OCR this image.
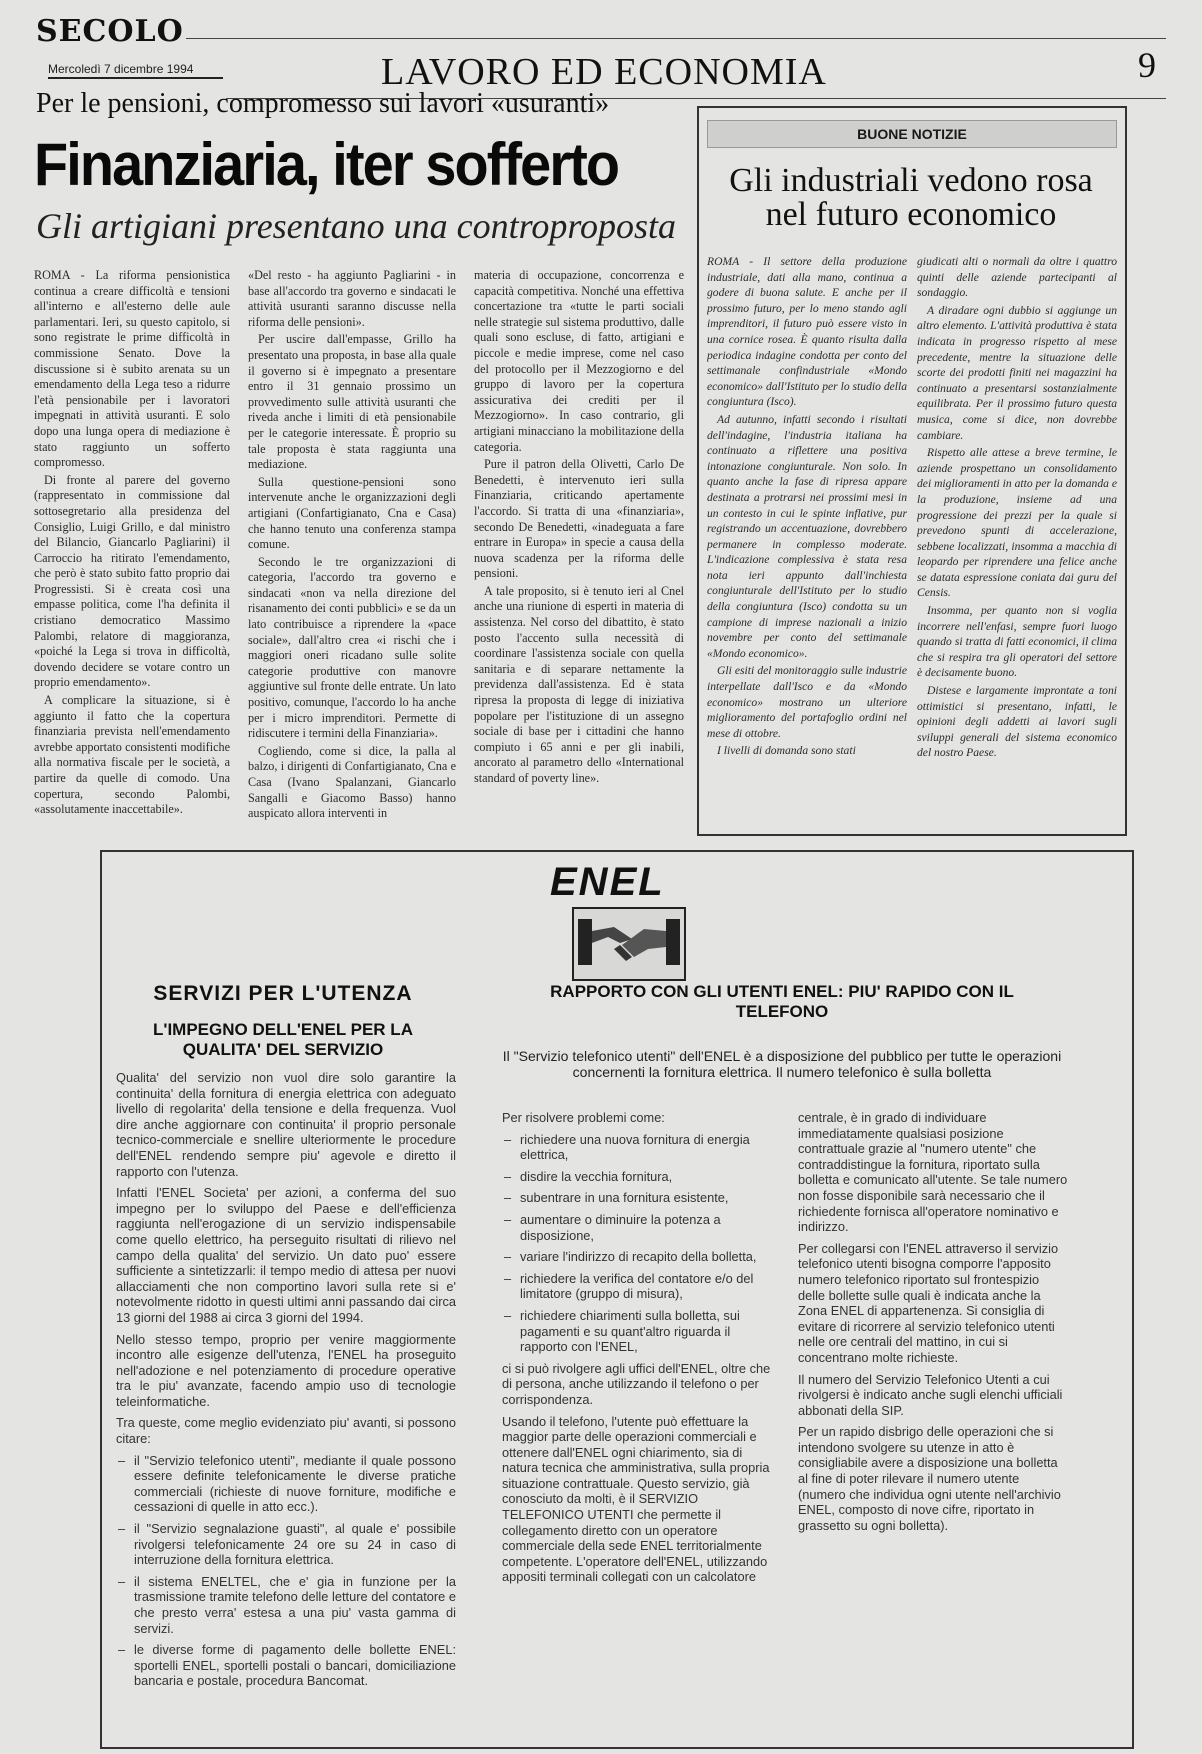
SECOLO
Mercoledì 7 dicembre 1994	LAVORO ED ECONOMIA	9
Per le pensioni, compromesso sui lavori «usuranti»
Finanziaria, iter sofferto
Gli artigiani presentano una controproposta

ROMA - La riforma pensionistica continua a creare difficoltà e tensioni all'interno e all'esterno delle aule parlamentari. Ieri, su questo capitolo, si sono registrate le prime difficoltà in commissione Senato. Dove la discussione si è subito arenata su un emendamento della Lega teso a ridurre l'età pensionabile per i lavoratori impegnati in attività usuranti. E solo dopo una lunga opera di mediazione è stato raggiunto un sofferto compromesso.

Di fronte al parere del governo (rappresentato in commissione dal sottosegretario alla presidenza del Consiglio, Luigi Grillo, e dal ministro del Bilancio, Giancarlo Pagliarini) il Carroccio ha ritirato l'emendamento, che però è stato subito fatto proprio dai Progressisti. Si è creata così una empasse politica, come l'ha definita il cristiano democratico Massimo Palombi, relatore di maggioranza, «poiché la Lega si trova in difficoltà, dovendo decidere se votare contro un proprio emendamento».

A complicare la situazione, si è aggiunto il fatto che la copertura finanziaria prevista nell'emendamento avrebbe apportato consistenti modifiche alla normativa fiscale per le società, a partire da quelle di comodo. Una copertura, secondo Palombi, «assolutamente inaccettabile».

«Del resto - ha aggiunto Pagliarini - in base all'accordo tra governo e sindacati le attività usuranti saranno discusse nella riforma delle pensioni».

Per uscire dall'empasse, Grillo ha presentato una proposta, in base alla quale il governo si è impegnato a presentare entro il 31 gennaio prossimo un provvedimento sulle attività usuranti che riveda anche i limiti di età pensionabile per le categorie interessate. È proprio su tale proposta è stata raggiunta una mediazione.

Sulla questione-pensioni sono intervenute anche le organizzazioni degli artigiani (Confartigianato, Cna e Casa) che hanno tenuto una conferenza stampa comune.

Secondo le tre organizzazioni di categoria, l'accordo tra governo e sindacati «non va nella direzione del risanamento dei conti pubblici» e se da un lato contribuisce a riprendere la «pace sociale», dall'altro crea «i rischi che i maggiori oneri ricadano sulle solite categorie produttive con manovre aggiuntive sul fronte delle entrate. Un lato positivo, comunque, l'accordo lo ha anche per i micro imprenditori. Permette di ridiscutere i termini della Finanziaria».

Cogliendo, come si dice, la palla al balzo, i dirigenti di Confartigianato, Cna e Casa (Ivano Spalanzani, Giancarlo Sangalli e Giacomo Basso) hanno auspicato allora interventi in

materia di occupazione, concorrenza e capacità competitiva. Nonché una effettiva concertazione tra «tutte le parti sociali nelle strategie sul sistema produttivo, dalle quali sono escluse, di fatto, artigiani e piccole e medie imprese, come nel caso del protocollo per il Mezzogiorno e del gruppo di lavoro per la copertura assicurativa dei crediti per il Mezzogiorno». In caso contrario, gli artigiani minacciano la mobilitazione della categoria.

Pure il patron della Olivetti, Carlo De Benedetti, è intervenuto ieri sulla Finanziaria, criticando apertamente l'accordo. Si tratta di una «finanziaria», secondo De Benedetti, «inadeguata a fare entrare in Europa» in specie a causa della nuova scadenza per la riforma delle pensioni.

A tale proposito, si è tenuto ieri al Cnel anche una riunione di esperti in materia di assistenza. Nel corso del dibattito, è stato posto l'accento sulla necessità di coordinare l'assistenza sociale con quella sanitaria e di separare nettamente la previdenza dall'assistenza. Ed è stata ripresa la proposta di legge di iniziativa popolare per l'istituzione di un assegno sociale di base per i cittadini che hanno compiuto i 65 anni e per gli inabili, ancorato al parametro dello «International standard of poverty line».

BUONE NOTIZIE
Gli industriali vedono rosa nel futuro economico

ROMA - Il settore della produzione industriale, dati alla mano, continua a godere di buona salute. E anche per il prossimo futuro, per lo meno stando agli imprenditori, il futuro può essere visto in una cornice rosea. È quanto risulta dalla periodica indagine condotta per conto del settimanale confindustriale «Mondo economico» dall'Istituto per lo studio della congiuntura (Isco).

Ad autunno, infatti secondo i risultati dell'indagine, l'industria italiana ha continuato a riflettere una positiva intonazione congiunturale. Non solo. In quanto anche la fase di ripresa appare destinata a protrarsi nei prossimi mesi in un contesto in cui le spinte inflative, pur registrando un accentuazione, dovrebbero permanere in complesso moderate. L'indicazione complessiva è stata resa nota ieri appunto dall'inchiesta congiunturale dell'Istituto per lo studio della congiuntura (Isco) condotta su un campione di imprese nazionali a inizio novembre per conto del settimanale «Mondo economico».

Gli esiti del monitoraggio sulle industrie interpellate dall'Isco e da «Mondo economico» mostrano un ulteriore miglioramento del portafoglio ordini nel mese di ottobre.

I livelli di domanda sono stati

giudicati alti o normali da oltre i quattro quinti delle aziende partecipanti al sondaggio.

A diradare ogni dubbio si aggiunge un altro elemento. L'attività produttiva è stata indicata in progresso rispetto al mese precedente, mentre la situazione delle scorte dei prodotti finiti nei magazzini ha continuato a presentarsi sostanzialmente equilibrata. Per il prossimo futuro questa musica, come si dice, non dovrebbe cambiare.

Rispetto alle attese a breve termine, le aziende prospettano un consolidamento dei miglioramenti in atto per la domanda e la produzione, insieme ad una progressione dei prezzi per la quale si prevedono spunti di accelerazione, sebbene localizzati, insomma a macchia di leopardo per riprendere una felice anche se datata espressione coniata dai guru del Censis.

Insomma, per quanto non si voglia incorrere nell'enfasi, sempre fuori luogo quando si tratta di fatti economici, il clima che si respira tra gli operatori del settore è decisamente buono.

Distese e largamente improntate a toni ottimistici si presentano, infatti, le opinioni degli addetti ai lavori sugli sviluppi generali del sistema economico del nostro Paese.

ENEL
SERVIZI PER L'UTENZA
L'IMPEGNO DELL'ENEL PER LA QUALITA' DEL SERVIZIO

Qualita' del servizio non vuol dire solo garantire la continuita' della fornitura di energia elettrica con adeguato livello di regolarita' della tensione e della frequenza. Vuol dire anche aggiornare con continuita' il proprio personale tecnico-commerciale e snellire ulteriormente le procedure dell'ENEL rendendo sempre piu' agevole e diretto il rapporto con l'utenza.

Infatti l'ENEL Societa' per azioni, a conferma del suo impegno per lo sviluppo del Paese e dell'efficienza raggiunta nell'erogazione di un servizio indispensabile come quello elettrico, ha perseguito risultati di rilievo nel campo della qualita' del servizio. Un dato puo' essere sufficiente a sintetizzarli: il tempo medio di attesa per nuovi allacciamenti che non comportino lavori sulla rete si e' notevolmente ridotto in questi ultimi anni passando dai circa 13 giorni del 1988 ai circa 3 giorni del 1994.

Nello stesso tempo, proprio per venire maggiormente incontro alle esigenze dell'utenza, l'ENEL ha proseguito nell'adozione e nel potenziamento di procedure operative tra le piu' avanzate, facendo ampio uso di tecnologie teleinformatiche.

Tra queste, come meglio evidenziato piu' avanti, si possono citare:

– il "Servizio telefonico utenti", mediante il quale possono essere definite telefonicamente le diverse pratiche commerciali (richieste di nuove forniture, modifiche e cessazioni di quelle in atto ecc.).
– il "Servizio segnalazione guasti", al quale e' possibile rivolgersi telefonicamente 24 ore su 24 in caso di interruzione della fornitura elettrica.
– il sistema ENELTEL, che e' gia in funzione per la trasmissione tramite telefono delle letture del contatore e che presto verra' estesa a una piu' vasta gamma di servizi.
– le diverse forme di pagamento delle bollette ENEL: sportelli ENEL, sportelli postali o bancari, domiciliazione bancaria e postale, procedura Bancomat.
RAPPORTO CON GLI UTENTI ENEL: PIU' RAPIDO CON IL TELEFONO
Il "Servizio telefonico utenti" dell'ENEL è a disposizione del pubblico per tutte le operazioni concernenti la fornitura elettrica. Il numero telefonico è sulla bolletta

Per risolvere problemi come:

– richiedere una nuova fornitura di energia elettrica,
– disdire la vecchia fornitura,
– subentrare in una fornitura esistente,
– aumentare o diminuire la potenza a disposizione,
– variare l'indirizzo di recapito della bolletta,
– richiedere la verifica del contatore e/o del limitatore (gruppo di misura),
– richiedere chiarimenti sulla bolletta, sui pagamenti e su quant'altro riguarda il rapporto con l'ENEL,

ci si può rivolgere agli uffici dell'ENEL, oltre che di persona, anche utilizzando il telefono o per corrispondenza.

Usando il telefono, l'utente può effettuare la maggior parte delle operazioni commerciali e ottenere dall'ENEL ogni chiarimento, sia di natura tecnica che amministrativa, sulla propria situazione contrattuale. Questo servizio, già conosciuto da molti, è il SERVIZIO TELEFONICO UTENTI che permette il collegamento diretto con un operatore commerciale della sede ENEL territorialmente competente. L'operatore dell'ENEL, utilizzando appositi terminali collegati con un calcolatore

centrale, è in grado di individuare immediatamente qualsiasi posizione contrattuale grazie al "numero utente" che contraddistingue la fornitura, riportato sulla bolletta e comunicato all'utente. Se tale numero non fosse disponibile sarà necessario che il richiedente fornisca all'operatore nominativo e indirizzo.

Per collegarsi con l'ENEL attraverso il servizio telefonico utenti bisogna comporre l'apposito numero telefonico riportato sul frontespizio delle bollette sulle quali è indicata anche la Zona ENEL di appartenenza. Si consiglia di evitare di ricorrere al servizio telefonico utenti nelle ore centrali del mattino, in cui si concentrano molte richieste.

Il numero del Servizio Telefonico Utenti a cui rivolgersi è indicato anche sugli elenchi ufficiali abbonati della SIP.

Per un rapido disbrigo delle operazioni che si intendono svolgere su utenze in atto è consigliabile avere a disposizione una bolletta al fine di poter rilevare il numero utente (numero che individua ogni utente nell'archivio ENEL, composto di nove cifre, riportato in grassetto su ogni bolletta).
